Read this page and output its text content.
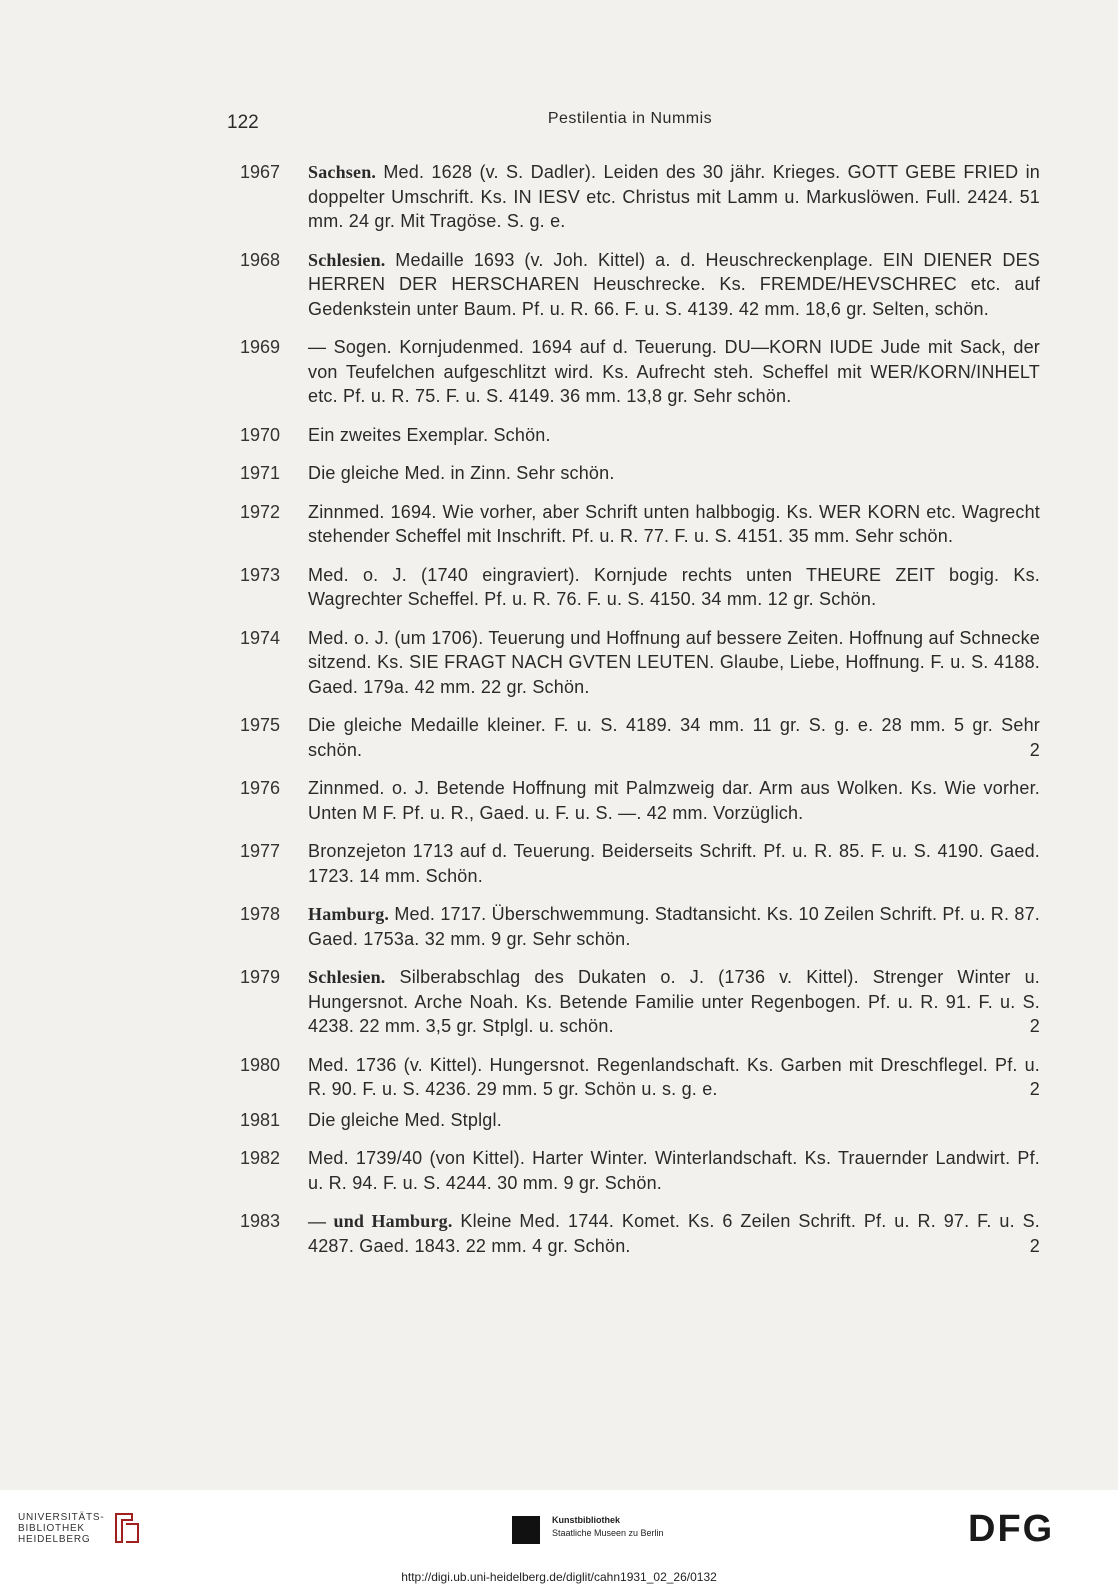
122	Pestilentia in Nummis
1967	Sachsen. Med. 1628 (v. S. Dadler). Leiden des 30 jähr. Krieges. GOTT GEBE FRIED in doppelter Umschrift. Ks. IN IESV etc. Christus mit Lamm u. Markuslöwen. Full. 2424. 51 mm. 24 gr. Mit Tragöse. S. g. e.
1968	Schlesien. Medaille 1693 (v. Joh. Kittel) a. d. Heuschreckenplage. EIN DIENER DES HERREN DER HERSCHAREN Heuschrecke. Ks. FREMDE/HEVSCHREC etc. auf Gedenkstein unter Baum. Pf. u. R. 66. F. u. S. 4139. 42 mm. 18,6 gr. Selten, schön.
1969	— Sogen. Kornjudenmed. 1694 auf d. Teuerung. DU—KORN IUDE Jude mit Sack, der von Teufelchen aufgeschlitzt wird. Ks. Aufrecht steh. Scheffel mit WER/KORN/INHELT etc. Pf. u. R. 75. F. u. S. 4149. 36 mm. 13,8 gr. Sehr schön.
1970	Ein zweites Exemplar. Schön.
1971	Die gleiche Med. in Zinn. Sehr schön.
1972	Zinnmed. 1694. Wie vorher, aber Schrift unten halbbogig. Ks. WER KORN etc. Wagrecht stehender Scheffel mit Inschrift. Pf. u. R. 77. F. u. S. 4151. 35 mm. Sehr schön.
1973	Med. o. J. (1740 eingraviert). Kornjude rechts unten THEURE ZEIT bogig. Ks. Wagrechter Scheffel. Pf. u. R. 76. F. u. S. 4150. 34 mm. 12 gr. Schön.
1974	Med. o. J. (um 1706). Teuerung und Hoffnung auf bessere Zeiten. Hoffnung auf Schnecke sitzend. Ks. SIE FRAGT NACH GVTEN LEUTEN. Glaube, Liebe, Hoffnung. F. u. S. 4188. Gaed. 179a. 42 mm. 22 gr. Schön.
1975	Die gleiche Medaille kleiner. F. u. S. 4189. 34 mm. 11 gr. S. g. e. 28 mm. 5 gr. Sehr schön.	2
1976	Zinnmed. o. J. Betende Hoffnung mit Palmzweig dar. Arm aus Wolken. Ks. Wie vorher. Unten M F. Pf. u. R., Gaed. u. F. u. S. —. 42 mm. Vorzüglich.
1977	Bronzejeton 1713 auf d. Teuerung. Beiderseits Schrift. Pf. u. R. 85. F. u. S. 4190. Gaed. 1723. 14 mm. Schön.
1978	Hamburg. Med. 1717. Überschwemmung. Stadtansicht. Ks. 10 Zeilen Schrift. Pf. u. R. 87. Gaed. 1753a. 32 mm. 9 gr. Sehr schön.
1979	Schlesien. Silberabschlag des Dukaten o. J. (1736 v. Kittel). Strenger Winter u. Hungersnot. Arche Noah. Ks. Betende Familie unter Regenbogen. Pf. u. R. 91. F. u. S. 4238. 22 mm. 3,5 gr. Stplgl. u. schön.	2
1980	Med. 1736 (v. Kittel). Hungersnot. Regenlandschaft. Ks. Garben mit Dreschflegel. Pf. u. R. 90. F. u. S. 4236. 29 mm. 5 gr. Schön u. s. g. e.	2
1981	Die gleiche Med. Stplgl.
1982	Med. 1739/40 (von Kittel). Harter Winter. Winterlandschaft. Ks. Trauernder Landwirt. Pf. u. R. 94. F. u. S. 4244. 30 mm. 9 gr. Schön.
1983	— und Hamburg. Kleine Med. 1744. Komet. Ks. 6 Zeilen Schrift. Pf. u. R. 97. F. u. S. 4287. Gaed. 1843. 22 mm. 4 gr. Schön.	2
UNIVERSITÄTS-
BIBLIOTHEK
HEIDELBERG
Kunstbibliothek
Staatliche Museen zu Berlin	DFG
http://digi.ub.uni-heidelberg.de/diglit/cahn1931_02_26/0132
